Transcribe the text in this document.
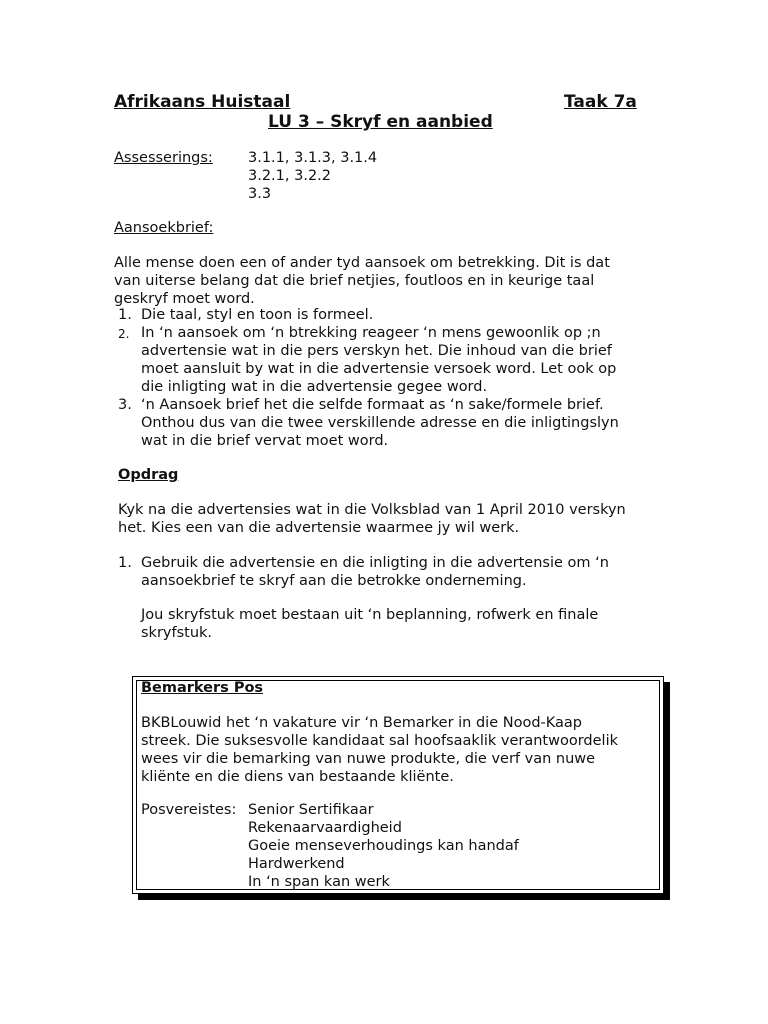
Afrikaans Huistaal	Taak 7a
LU 3 – Skryf en aanbied
Assesserings: 3.1.1, 3.1.3, 3.1.4
3.2.1, 3.2.2
3.3
Aansoekbrief:
Alle mense doen een of ander tyd aansoek om betrekking. Dit is dat
van uiterse belang dat die brief netjies, foutloos en in keurige taal
geskryf moet word.
1. Die taal, styl en toon is formeel.
2. In ‘n aansoek om ‘n btrekking reageer ‘n mens gewoonlik op ;n
advertensie wat in die pers verskyn het. Die inhoud van die brief
moet aansluit by wat in die advertensie versoek word. Let ook op
die inligting wat in die advertensie gegee word.
3. ‘n Aansoek brief het die selfde formaat as ‘n sake/formele brief.
Onthou dus van die twee verskillende adresse en die inligtingslyn
wat in die brief vervat moet word.
Opdrag
Kyk na die advertensies wat in die Volksblad van 1 April 2010 verskyn
het. Kies een van die advertensie waarmee jy wil werk.
1. Gebruik die advertensie en die inligting in die advertensie om ‘n
aansoekbrief te skryf aan die betrokke onderneming.
Jou skryfstuk moet bestaan uit ‘n beplanning, rofwerk en finale
skryfstuk.
Bemarkers Pos
BKBLouwid het ‘n vakature vir ‘n Bemarker in die Nood-Kaap
streek. Die suksesvolle kandidaat sal hoofsaaklik verantwoordelik
wees vir die bemarking van nuwe produkte, die verf van nuwe
kliënte en die diens van bestaande kliënte.
Posvereistes: Senior Sertifikaar
Rekenaarvaardigheid
Goeie menseverhoudings kan handaf
Hardwerkend
In ‘n span kan werk
